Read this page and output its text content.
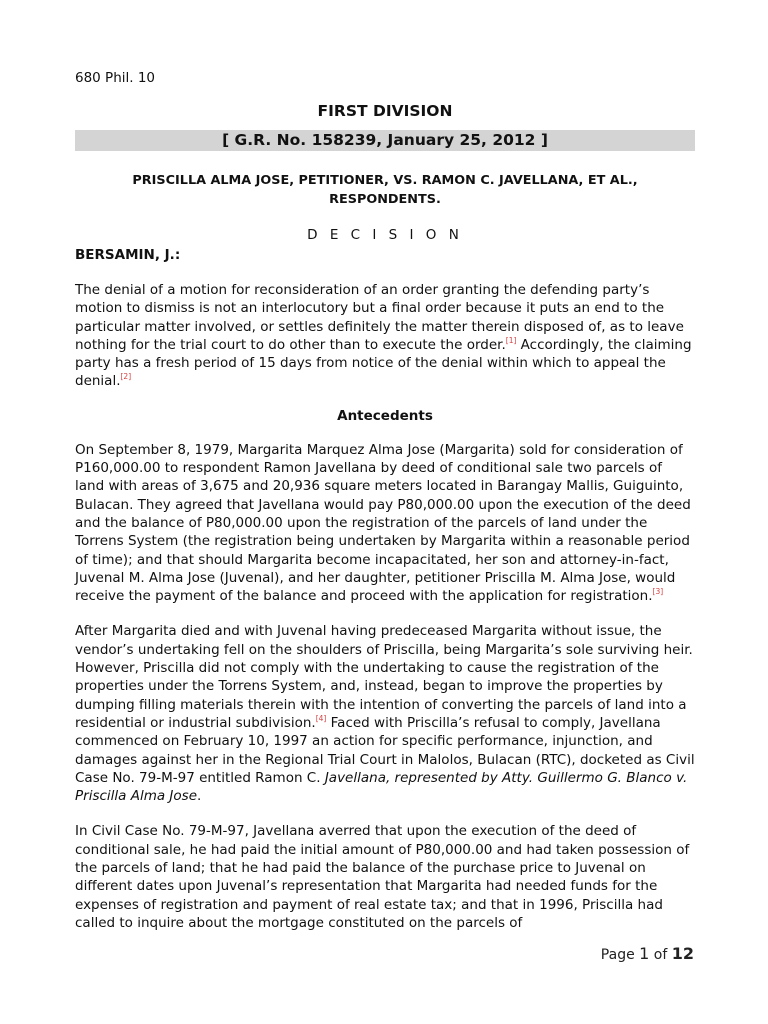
680 Phil. 10
FIRST DIVISION
[ G.R. No. 158239, January 25, 2012 ]
PRISCILLA ALMA JOSE, PETITIONER, VS. RAMON C. JAVELLANA, ET AL., RESPONDENTS.
D E C I S I O N
BERSAMIN, J.:

The denial of a motion for reconsideration of an order granting the defending party’s motion to dismiss is not an interlocutory but a final order because it puts an end to the particular matter involved, or settles definitely the matter therein disposed of, as to leave nothing for the trial court to do other than to execute the order.[1] Accordingly, the claiming party has a fresh period of 15 days from notice of the denial within which to appeal the denial.[2]

Antecedents

On September 8, 1979, Margarita Marquez Alma Jose (Margarita) sold for consideration of P160,000.00 to respondent Ramon Javellana by deed of conditional sale two parcels of land with areas of 3,675 and 20,936 square meters located in Barangay Mallis, Guiguinto, Bulacan. They agreed that Javellana would pay P80,000.00 upon the execution of the deed and the balance of P80,000.00 upon the registration of the parcels of land under the Torrens System (the registration being undertaken by Margarita within a reasonable period of time); and that should Margarita become incapacitated, her son and attorney-in-fact, Juvenal M. Alma Jose (Juvenal), and her daughter, petitioner Priscilla M. Alma Jose, would receive the payment of the balance and proceed with the application for registration.[3]

After Margarita died and with Juvenal having predeceased Margarita without issue, the vendor’s undertaking fell on the shoulders of Priscilla, being Margarita’s sole surviving heir. However, Priscilla did not comply with the undertaking to cause the registration of the properties under the Torrens System, and, instead, began to improve the properties by dumping filling materials therein with the intention of converting the parcels of land into a residential or industrial subdivision.[4] Faced with Priscilla’s refusal to comply, Javellana commenced on February 10, 1997 an action for specific performance, injunction, and damages against her in the Regional Trial Court in Malolos, Bulacan (RTC), docketed as Civil Case No. 79-M-97 entitled Ramon C. Javellana, represented by Atty. Guillermo G. Blanco v. Priscilla Alma Jose.

In Civil Case No. 79-M-97, Javellana averred that upon the execution of the deed of conditional sale, he had paid the initial amount of P80,000.00 and had taken possession of the parcels of land; that he had paid the balance of the purchase price to Juvenal on different dates upon Juvenal’s representation that Margarita had needed funds for the expenses of registration and payment of real estate tax; and that in 1996, Priscilla had called to inquire about the mortgage constituted on the parcels of

Page 1 of 12
